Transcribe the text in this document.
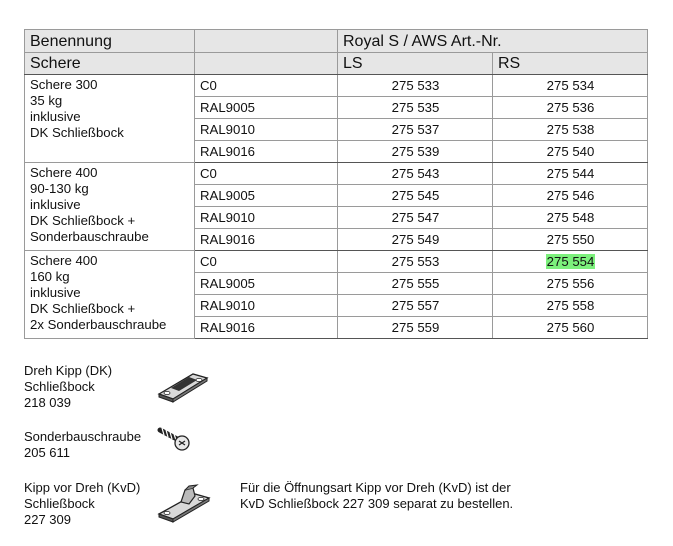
Benennung		Royal S / AWS Art.-Nr.	
Schere		LS	RS
Schere 300
35 kg
inklusive
DK Schließbock	C0	275 533	275 534
	RAL9005	275 535	275 536
	RAL9010	275 537	275 538
	RAL9016	275 539	275 540
Schere 400
90-130 kg
inklusive
DK Schließbock +
Sonderbauschraube	C0	275 543	275 544
	RAL9005	275 545	275 546
	RAL9010	275 547	275 548
	RAL9016	275 549	275 550
Schere 400
160 kg
inklusive
DK Schließbock +
2x Sonderbauschraube	C0	275 553	275 554
	RAL9005	275 555	275 556
	RAL9010	275 557	275 558
	RAL9016	275 559	275 560
Dreh Kipp (DK)
Schließbock
218 039
Sonderbauschraube
205 611
Kipp vor Dreh (KvD)
Schließbock
227 309
Für die Öffnungsart Kipp vor Dreh (KvD) ist der
KvD Schließbock 227 309 separat zu bestellen.
